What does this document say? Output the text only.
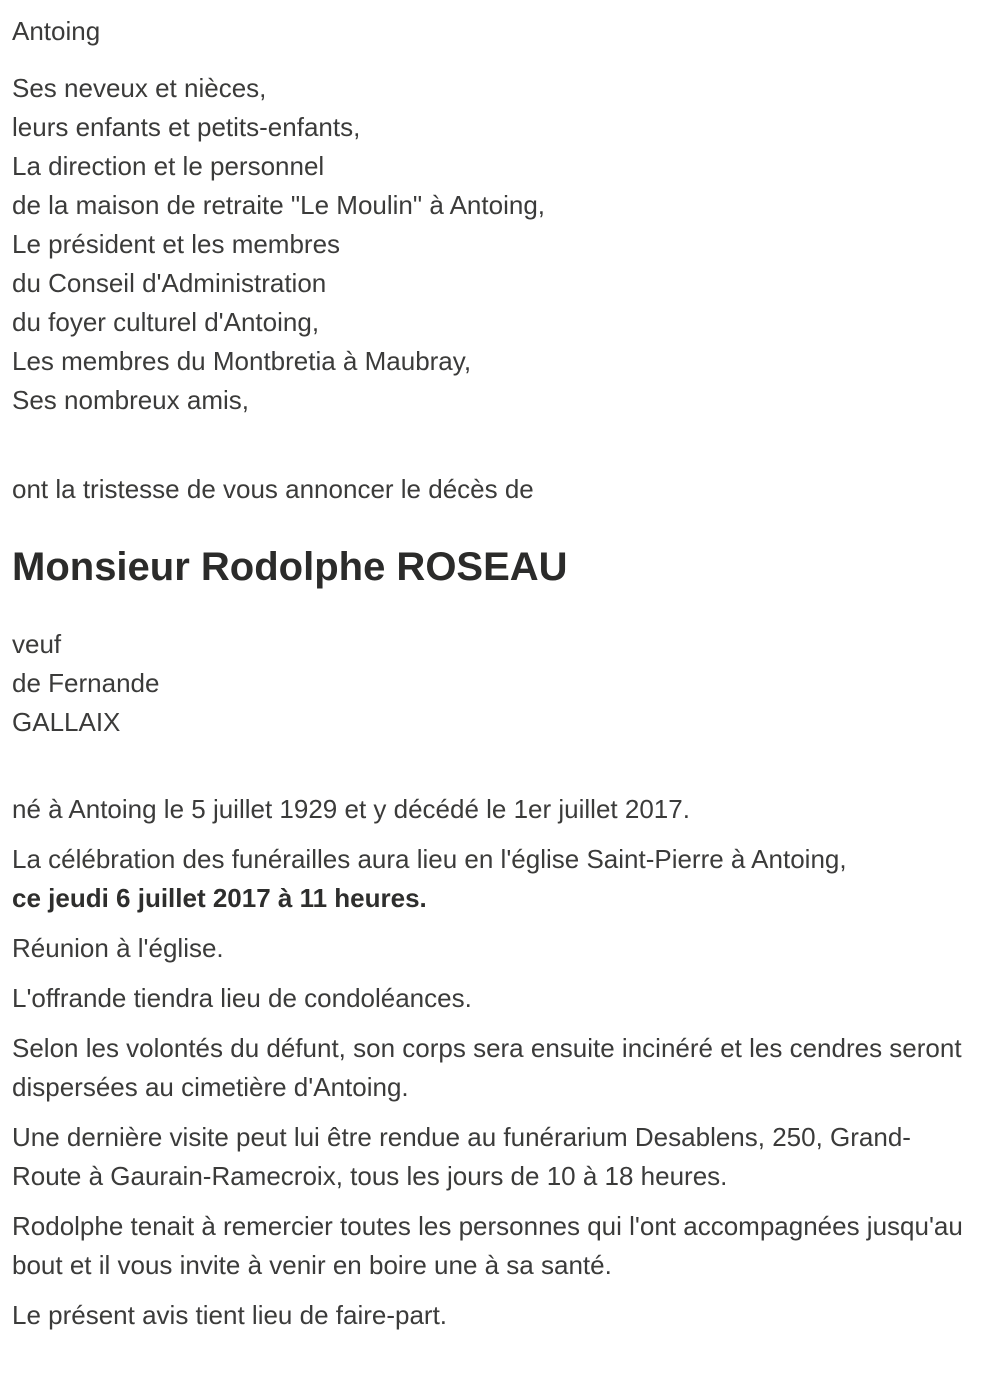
Antoing

Ses neveux et nièces,

leurs enfants et petits-enfants,

La direction et le personnel

de la maison de retraite "Le Moulin" à Antoing,

Le président et les membres

du Conseil d'Administration

du foyer culturel d'Antoing,

Les membres du Montbretia à Maubray,

Ses nombreux amis,

ont la tristesse de vous annoncer le décès de

Monsieur Rodolphe ROSEAU

veuf

de Fernande

GALLAIX

né à Antoing le 5 juillet 1929 et y décédé le 1er juillet 2017.

La célébration des funérailles aura lieu en l'église Saint-Pierre à Antoing,
ce jeudi 6 juillet 2017 à 11 heures.

Réunion à l'église.

L'offrande tiendra lieu de condoléances.

Selon les volontés du défunt, son corps sera ensuite incinéré et les cendres seront dispersées au cimetière d'Antoing.

Une dernière visite peut lui être rendue au funérarium Desablens, 250, Grand-Route à Gaurain-Ramecroix, tous les jours de 10 à 18 heures.

Rodolphe tenait à remercier toutes les personnes qui l'ont accompagnées jusqu'au bout et il vous invite à venir en boire une à sa santé.

Le présent avis tient lieu de faire-part.
